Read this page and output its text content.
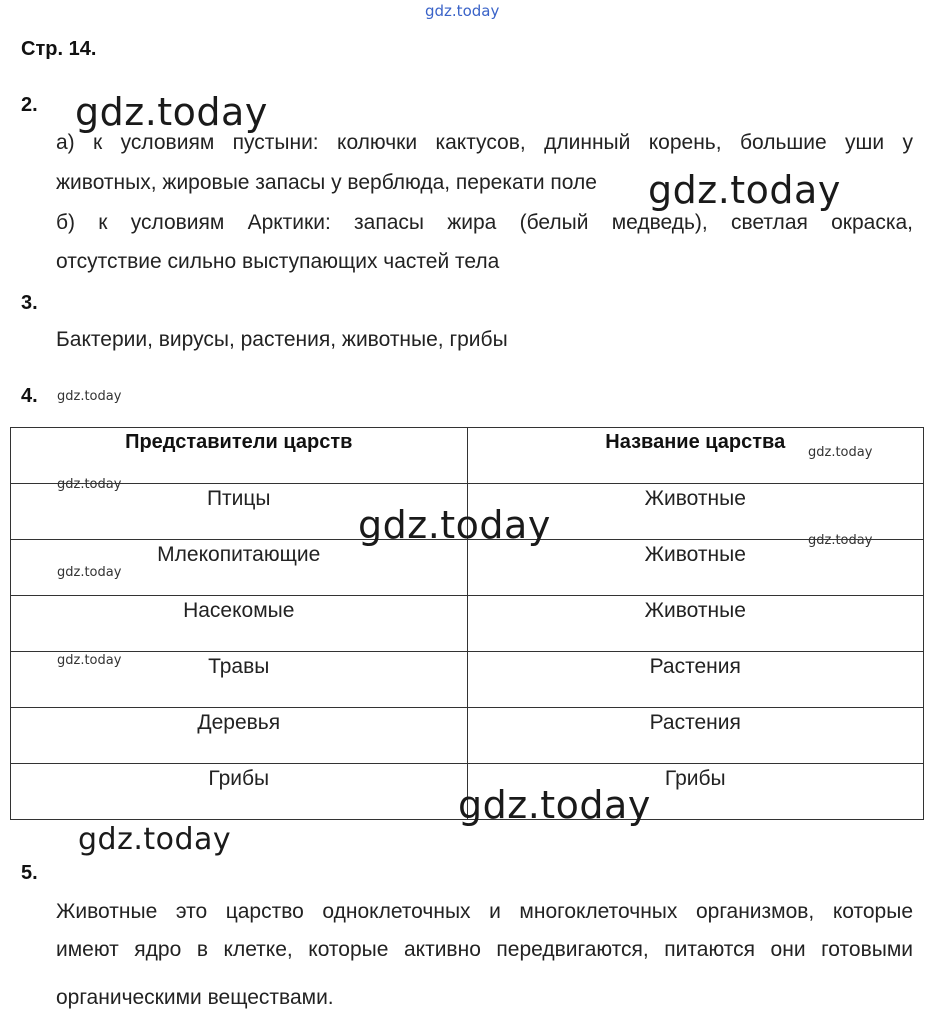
gdz.today
Стр. 14.
2. gdz.today
а) к условиям пустыни: колючки кактусов, длинный корень, большие уши у
животных, жировые запасы у верблюда, перекати поле gdz.today
б) к условиям Арктики: запасы жира (белый медведь), светлая окраска,
отсутствие сильно выступающих частей тела
3.
Бактерии, вирусы, растения, животные, грибы
4. gdz.today
Представители царств	Название царства

Птицы	Животные

Млекопитающие	Животные

Насекомые	Животные

Травы	Растения

Деревья	Растения

Грибы	Грибы
gdz.today
gdz.today
gdz.today	gdz.today
gdz.today
gdz.today
gdz.today
gdz.today
5.
Животные это царство одноклеточных и многоклеточных организмов, которые
имеют ядро в клетке, которые активно передвигаются, питаются они готовыми
органическими веществами.
